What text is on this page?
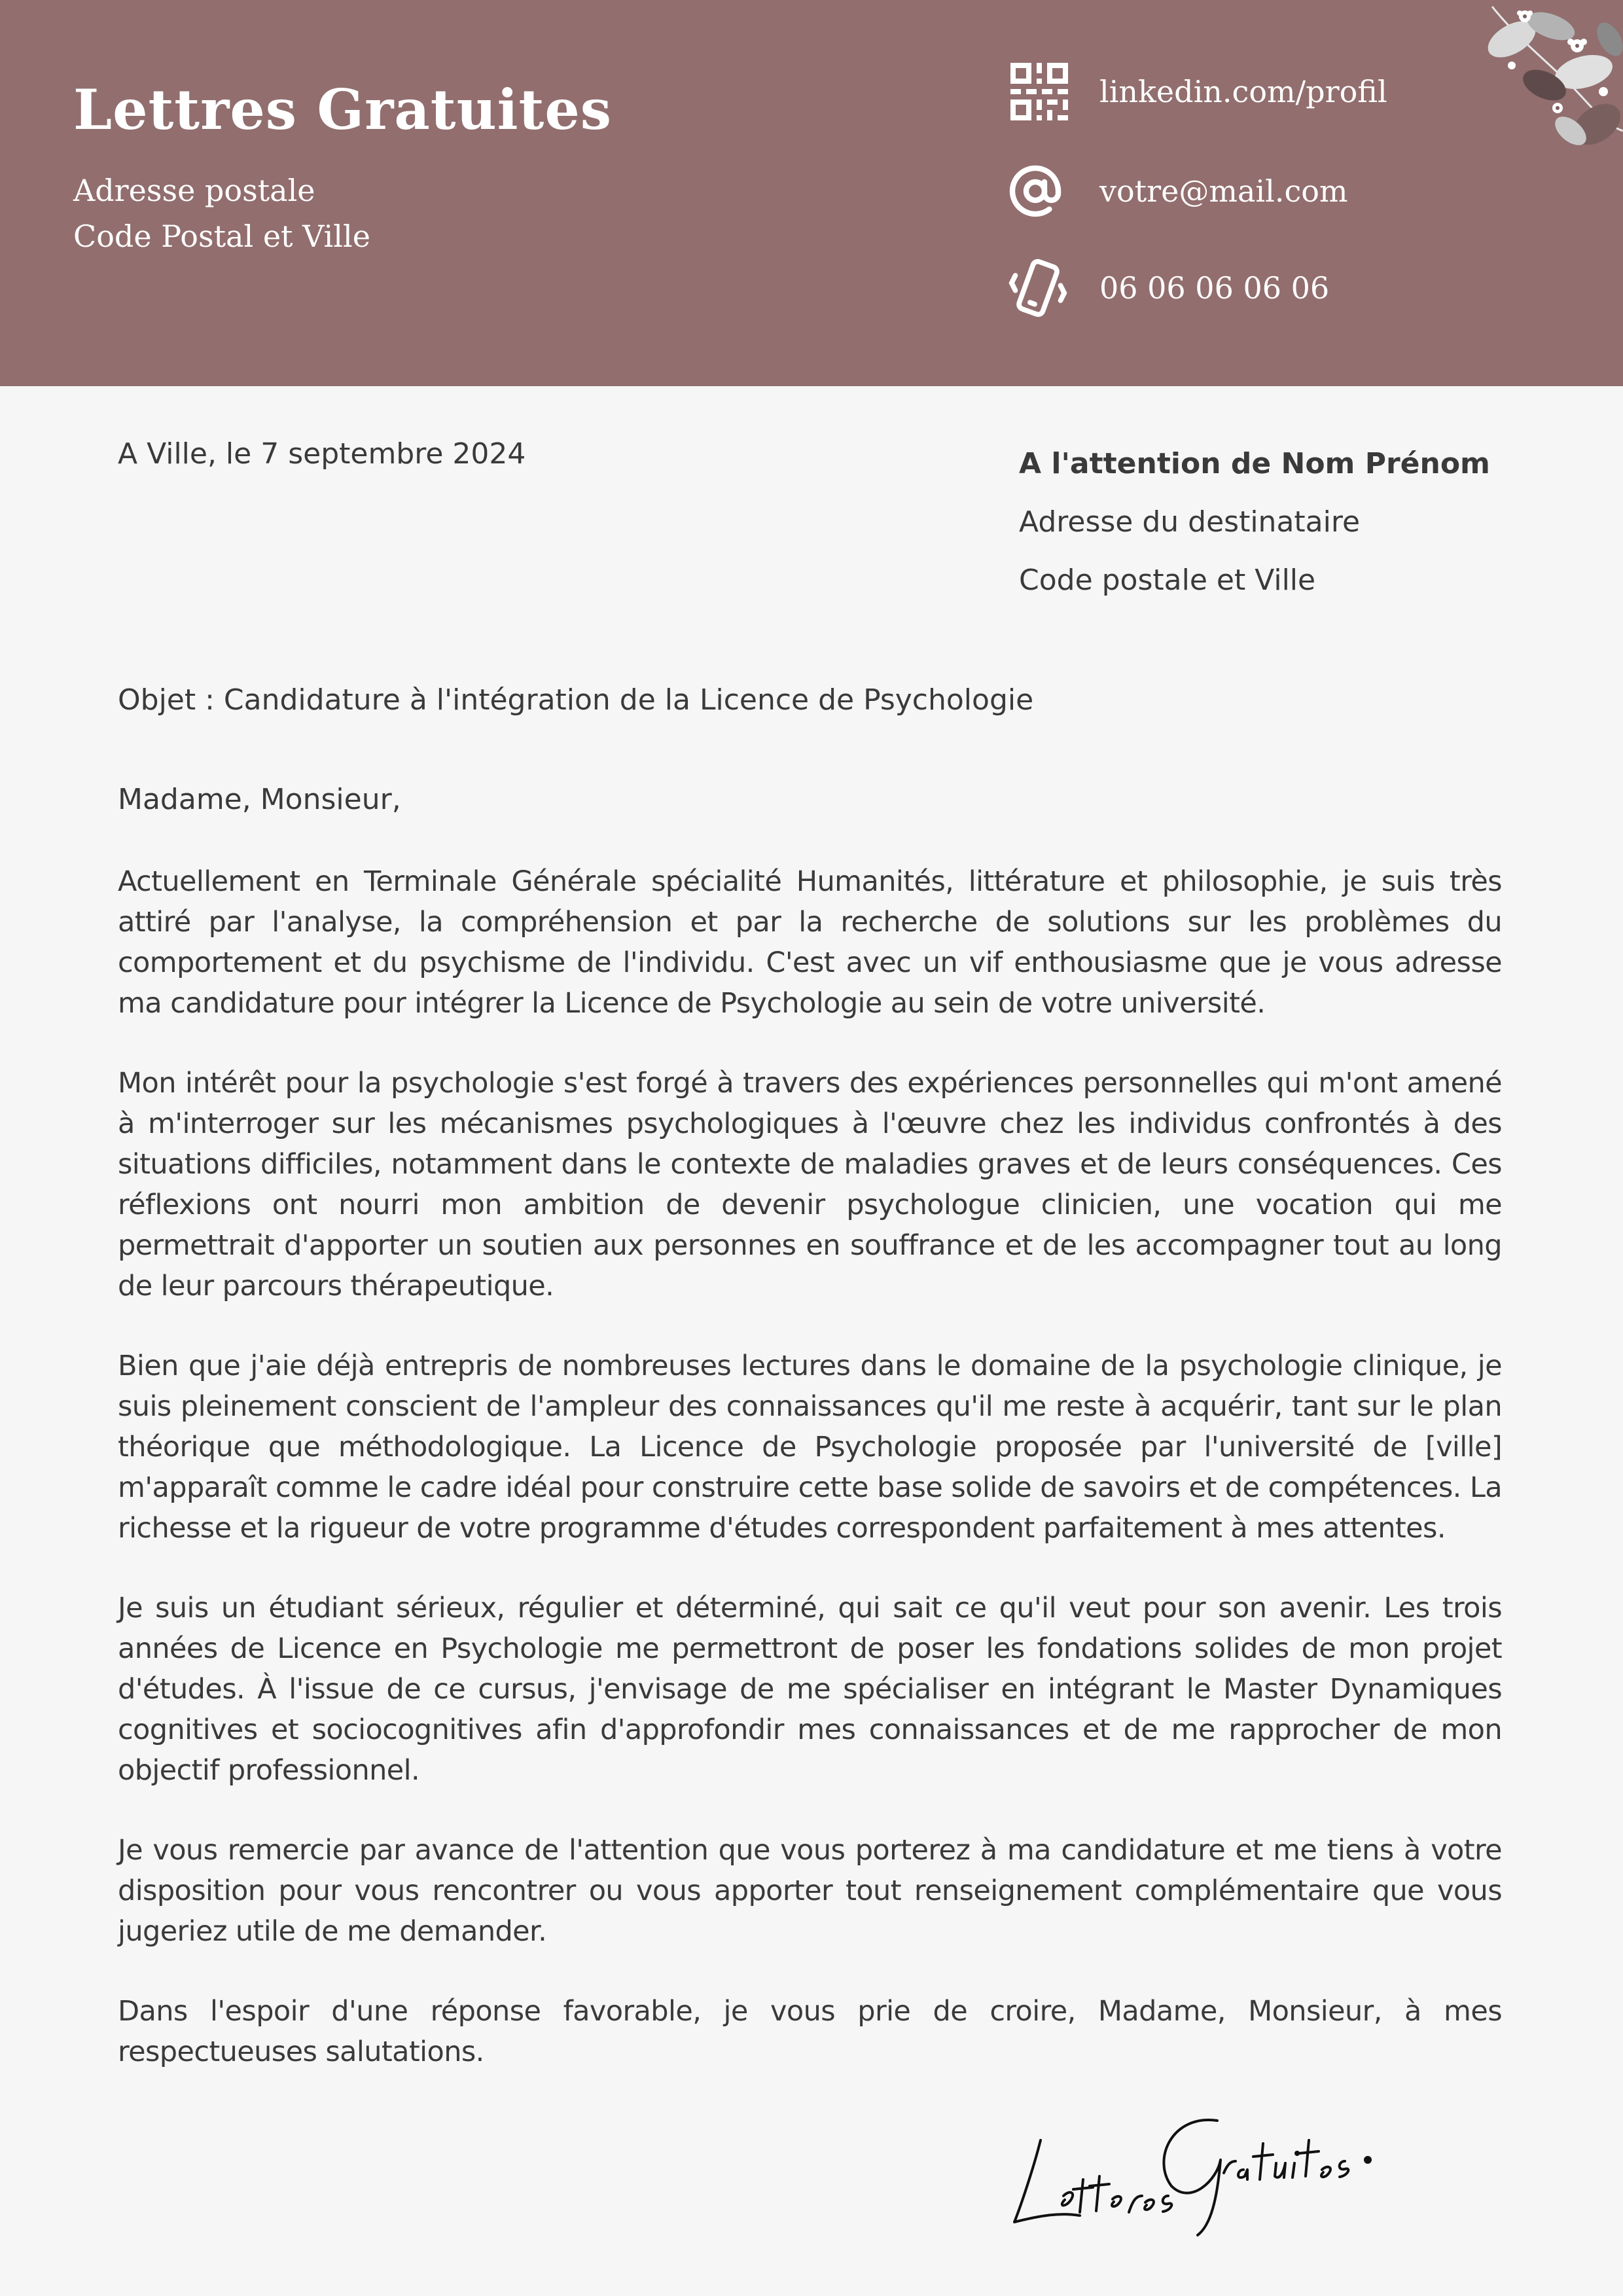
Lettres Gratuites
Adresse postale
Code Postal et Ville
linkedin.com/profil
votre@mail.com
06 06 06 06 06
A Ville, le 7 septembre 2024	A l'attention de Nom Prénom
Adresse du destinataire
Code postale et Ville
Objet : Candidature à l'intégration de la Licence de Psychologie
Madame, Monsieur,

Actuellement en Terminale Générale spécialité Humanités, littérature et philosophie, je suis très attiré par l'analyse, la compréhension et par la recherche de solutions sur les problèmes du comportement et du psychisme de l'individu. C'est avec un vif enthousiasme que je vous adresse ma candidature pour intégrer la Licence de Psychologie au sein de votre université.

Mon intérêt pour la psychologie s'est forgé à travers des expériences personnelles qui m'ont amené à m'interroger sur les mécanismes psychologiques à l'œuvre chez les individus confrontés à des situations difficiles, notamment dans le contexte de maladies graves et de leurs conséquences. Ces réflexions ont nourri mon ambition de devenir psychologue clinicien, une vocation qui me permettrait d'apporter un soutien aux personnes en souffrance et de les accompagner tout au long de leur parcours thérapeutique.

Bien que j'aie déjà entrepris de nombreuses lectures dans le domaine de la psychologie clinique, je suis pleinement conscient de l'ampleur des connaissances qu'il me reste à acquérir, tant sur le plan théorique que méthodologique. La Licence de Psychologie proposée par l'université de [ville] m'apparaît comme le cadre idéal pour construire cette base solide de savoirs et de compétences. La richesse et la rigueur de votre programme d'études correspondent parfaitement à mes attentes.

Je suis un étudiant sérieux, régulier et déterminé, qui sait ce qu'il veut pour son avenir. Les trois années de Licence en Psychologie me permettront de poser les fondations solides de mon projet d'études. À l'issue de ce cursus, j'envisage de me spécialiser en intégrant le Master Dynamiques cognitives et sociocognitives afin d'approfondir mes connaissances et de me rapprocher de mon objectif professionnel.

Je vous remercie par avance de l'attention que vous porterez à ma candidature et me tiens à votre disposition pour vous rencontrer ou vous apporter tout renseignement complémentaire que vous jugeriez utile de me demander.

Dans l'espoir d'une réponse favorable, je vous prie de croire, Madame, Monsieur, à mes respectueuses salutations.
